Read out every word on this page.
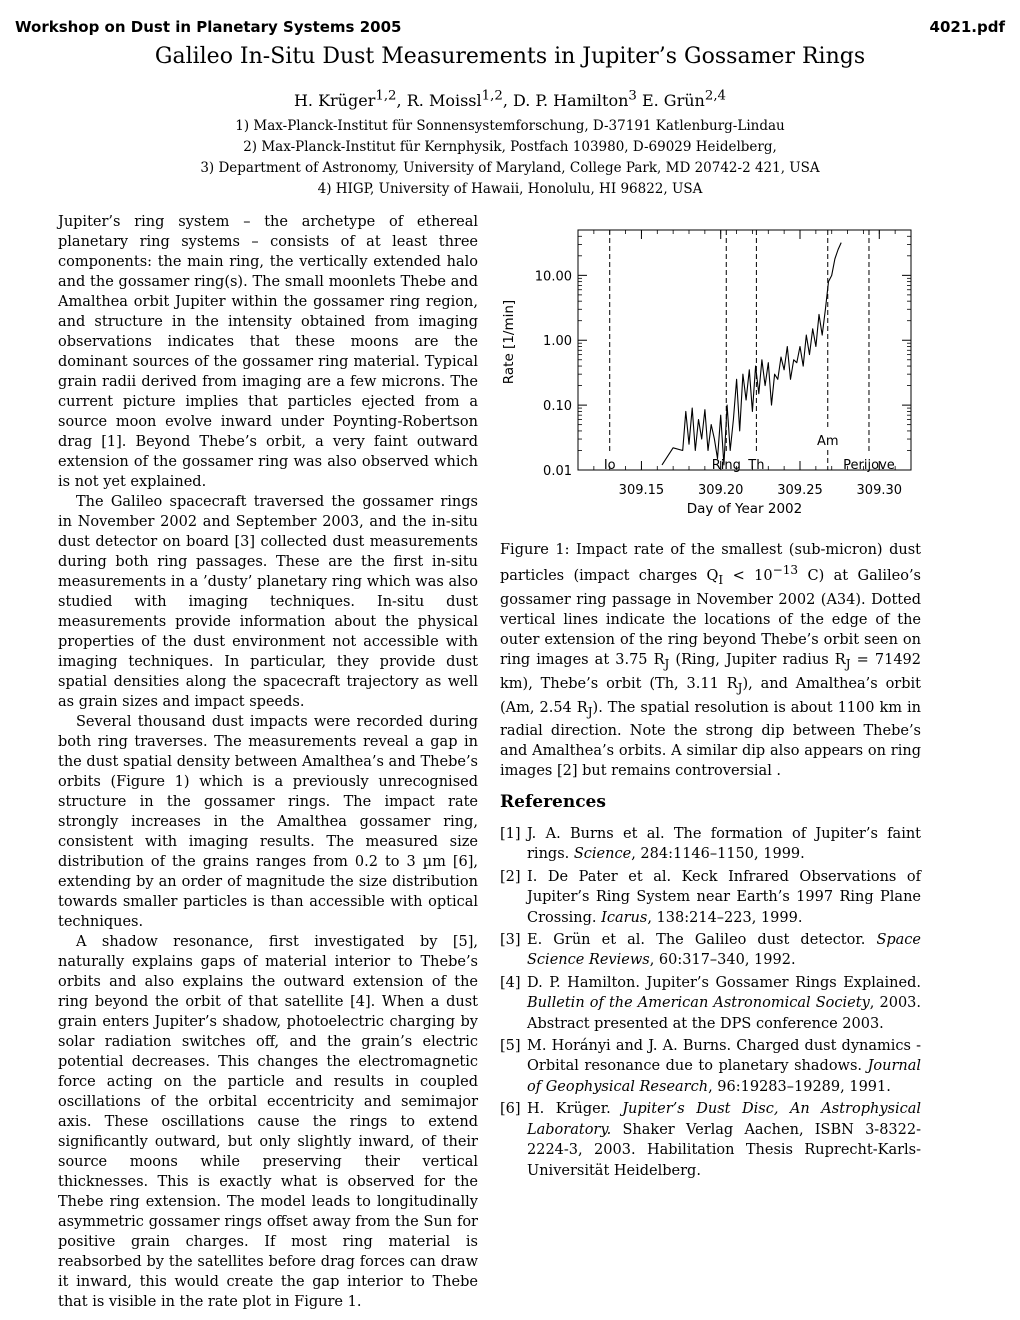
Workshop on Dust in Planetary Systems 2005	4021.pdf
Galileo In-Situ Dust Measurements in Jupiter’s Gossamer Rings
H. Krüger$^{1,2}$, R. Moissl$^{1,2}$, D. P. Hamilton$^3$ E. Grün$^{2,4}$
1) Max-Planck-Institut für Sonnensystemforschung, D-37191 Katlenburg-Lindau
2) Max-Planck-Institut für Kernphysik, Postfach 103980, D-69029 Heidelberg,
3) Department of Astronomy, University of Maryland, College Park, MD 20742-2 421, USA
4) HIGP, University of Hawaii, Honolulu, HI 96822, USA

Jupiter’s ring system – the archetype of ethereal planetary ring systems – consists of at least three components: the main ring, the vertically extended halo and the gossamer ring(s). The small moonlets Thebe and Amalthea orbit Jupiter within the gossamer ring region, and structure in the intensity obtained from imaging observations indicates that these moons are the dominant sources of the gossamer ring material. Typical grain radii derived from imaging are a few microns. The current picture implies that particles ejected from a source moon evolve inward under Poynting-Robertson drag [1]. Beyond Thebe’s orbit, a very faint outward extension of the gossamer ring was also observed which is not yet explained.

The Galileo spacecraft traversed the gossamer rings in November 2002 and September 2003, and the in-situ dust detector on board [3] collected dust measurements during both ring passages. These are the first in-situ measurements in a ’dusty’ planetary ring which was also studied with imaging techniques. In-situ dust measurements provide information about the physical properties of the dust environment not accessible with imaging techniques. In particular, they provide dust spatial densities along the spacecraft trajectory as well as grain sizes and impact speeds.

Several thousand dust impacts were recorded during both ring traverses. The measurements reveal a gap in the dust spatial density between Amalthea’s and Thebe’s orbits (Figure 1) which is a previously unrecognised structure in the gossamer rings. The impact rate strongly increases in the Amalthea gossamer ring, consistent with imaging results. The measured size distribution of the grains ranges from 0.2 to 3 µm [6], extending by an order of magnitude the size distribution towards smaller particles is than accessible with optical techniques.

A shadow resonance, first investigated by [5], naturally explains gaps of material interior to Thebe’s orbits and also explains the outward extension of the ring beyond the orbit of that satellite [4]. When a dust grain enters Jupiter’s shadow, photoelectric charging by solar radiation switches off, and the grain’s electric potential decreases. This changes the electromagnetic force acting on the particle and results in coupled oscillations of the orbital eccentricity and semimajor axis. These oscillations cause the rings to extend significantly outward, but only slightly inward, of their source moons while preserving their vertical thicknesses. This is exactly what is observed for the Thebe ring extension. The model leads to longitudinally asymmetric gossamer rings offset away from the Sun for positive grain charges. If most ring material is reabsorbed by the satellites before drag forces can draw it inward, this would create the gap interior to Thebe that is visible in the rate plot in Figure 1.

0.01
0.10
1.00
10.00
309.15	309.20	309.25	309.30
Day of Year 2002
Rate [1/min]
Io	Ring Th
Am
Perijove
Figure 1: Impact rate of the smallest (sub-micron) dust particles (impact charges $Q_I < 10^{-13}$ C) at Galileo’s gossamer ring passage in November 2002 (A34). Dotted vertical lines indicate the locations of the edge of the outer extension of the ring beyond Thebe’s orbit seen on ring images at 3.75 $R_J$ (Ring, Jupiter radius $R_J = 71492$ km), Thebe’s orbit (Th, 3.11 $R_J$), and Amalthea’s orbit (Am, 2.54 $R_J$). The spatial resolution is about 1100 km in radial direction. Note the strong dip between Thebe’s and Amalthea’s orbits. A similar dip also appears on ring images [2] but remains controversial .
References
[1] J. A. Burns et al. The formation of Jupiter’s faint rings. Science, 284:1146–1150, 1999.
[2] I. De Pater et al. Keck Infrared Observations of Jupiter’s Ring System near Earth’s 1997 Ring Plane Crossing. Icarus, 138:214–223, 1999.
[3] E. Grün et al. The Galileo dust detector. Space Science Reviews, 60:317–340, 1992.
[4] D. P. Hamilton. Jupiter’s Gossamer Rings Explained. Bulletin of the American Astronomical Society, 2003. Abstract presented at the DPS conference 2003.
[5] M. Horányi and J. A. Burns. Charged dust dynamics - Orbital resonance due to planetary shadows. Journal of Geophysical Research, 96:19283–19289, 1991.
[6] H. Krüger. Jupiter’s Dust Disc, An Astrophysical Laboratory. Shaker Verlag Aachen, ISBN 3-8322-2224-3, 2003. Habilitation Thesis Ruprecht-Karls-Universität Heidelberg.
